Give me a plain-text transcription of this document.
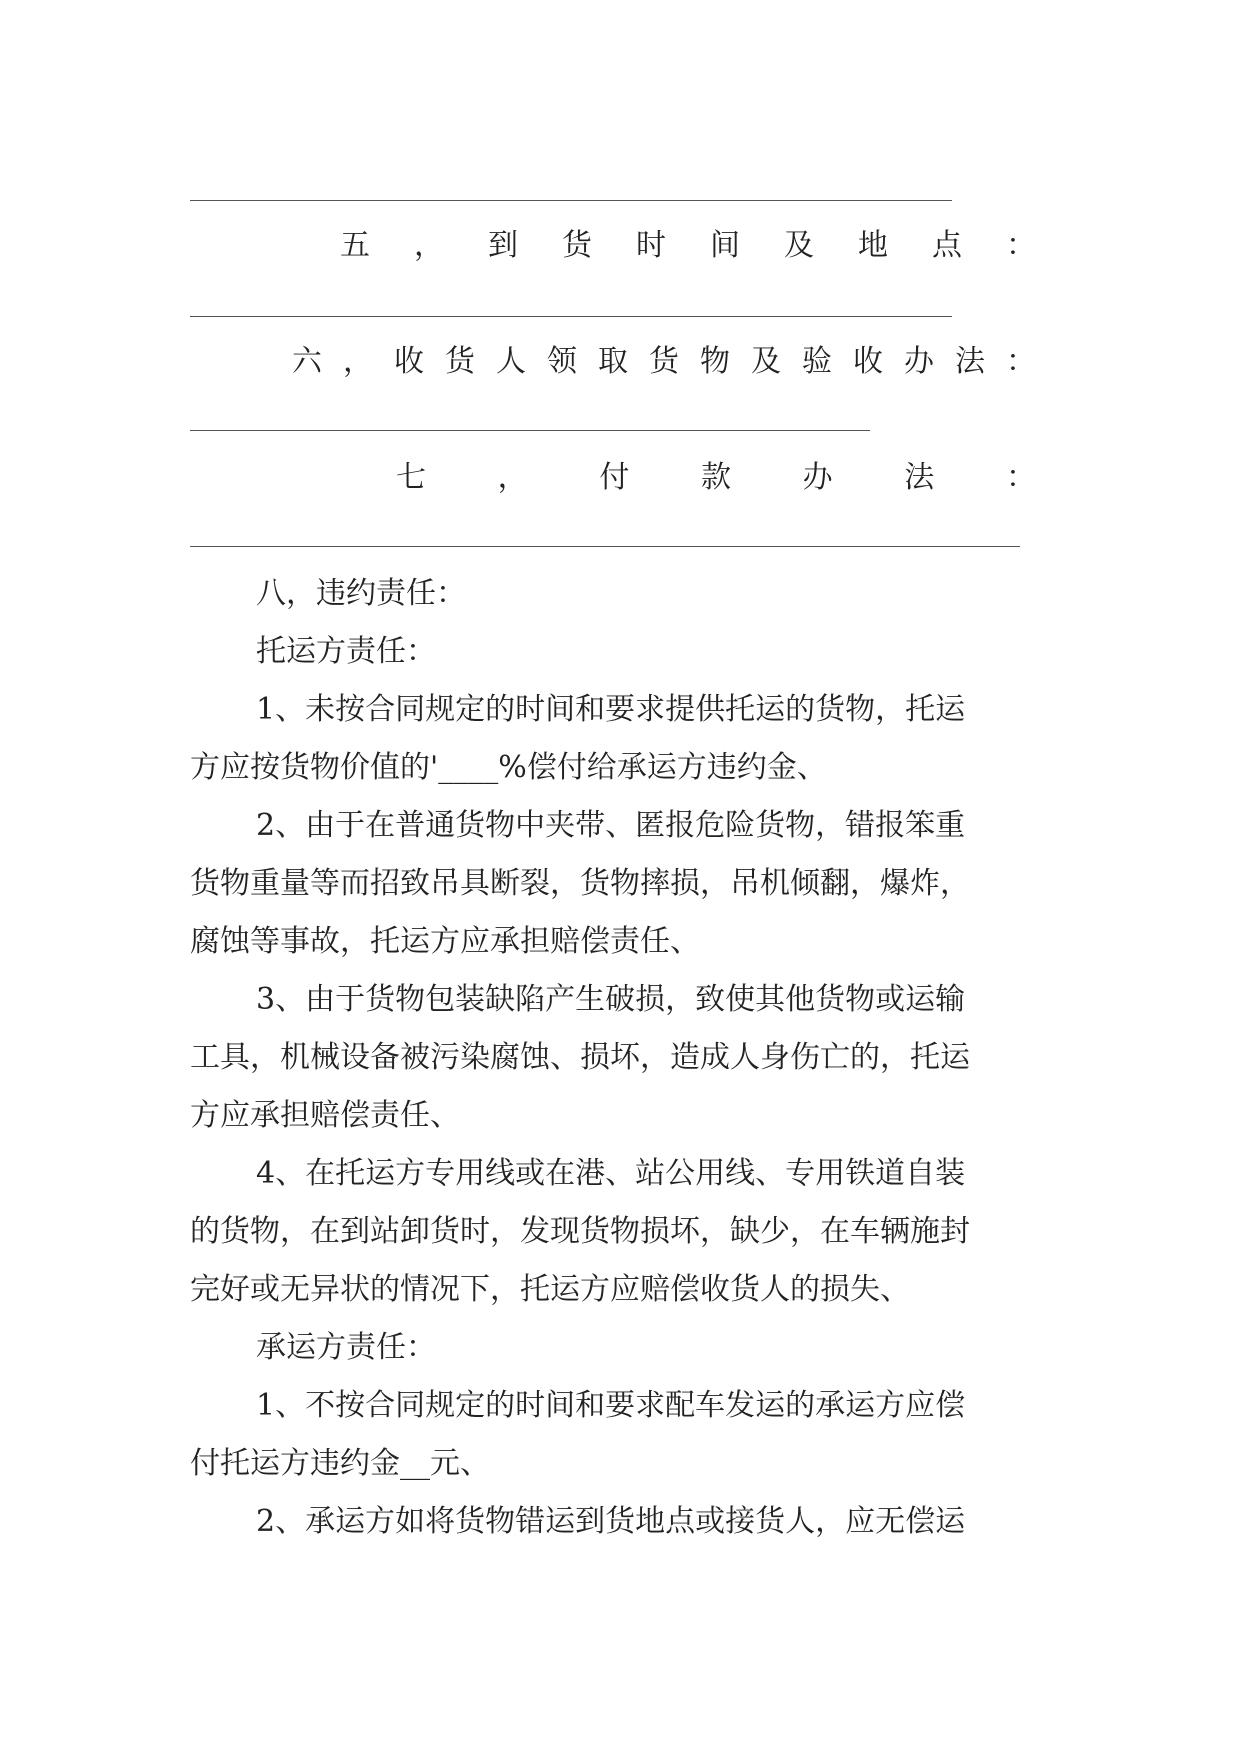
五 ， 到 货 时 间 及 地 点 ：
六 ， 收 货 人 领 取 货 物 及 验 收 办 法 ：
七 ， 付 款 办 法 ：
八，违约责任：
托运方责任：
1、未按合同规定的时间和要求提供托运的货物，托运
方应按货物价值的'____%偿付给承运方违约金、
2、由于在普通货物中夹带、匿报危险货物，错报笨重
货物重量等而招致吊具断裂，货物摔损，吊机倾翻，爆炸，
腐蚀等事故，托运方应承担赔偿责任、
3、由于货物包装缺陷产生破损，致使其他货物或运输
工具，机械设备被污染腐蚀、损坏，造成人身伤亡的，托运
方应承担赔偿责任、
4、在托运方专用线或在港、站公用线、专用铁道自装
的货物，在到站卸货时，发现货物损坏，缺少，在车辆施封
完好或无异状的情况下，托运方应赔偿收货人的损失、
承运方责任：
1、不按合同规定的时间和要求配车发运的承运方应偿
付托运方违约金__元、
2、承运方如将货物错运到货地点或接货人，应无偿运
